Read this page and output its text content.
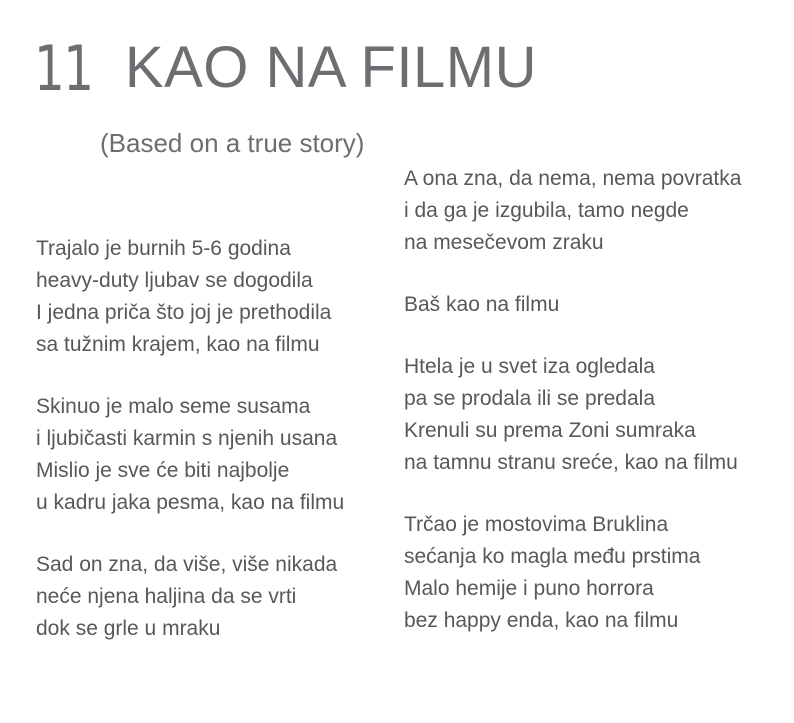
11 KAO NA FILMU
(Based on a true story)
Trajalo je burnih 5-6 godina
heavy-duty ljubav se dogodila
I jedna priča što joj je prethodila
sa tužnim krajem, kao na filmu
Skinuo je malo seme susama
i ljubičasti karmin s njenih usana
Mislio je sve će biti najbolje
u kadru jaka pesma, kao na filmu
Sad on zna, da više, više nikada
neće njena haljina da se vrti
dok se grle u mraku
A ona zna, da nema, nema povratka
i da ga je izgubila, tamo negde
na mesečevom zraku
Baš kao na filmu
Htela je u svet iza ogledala
pa se prodala ili se predala
Krenuli su prema Zoni sumraka
na tamnu stranu sreće, kao na filmu
Trčao je mostovima Bruklina
sećanja ko magla među prstima
Malo hemije i puno horrora
bez happy enda, kao na filmu
